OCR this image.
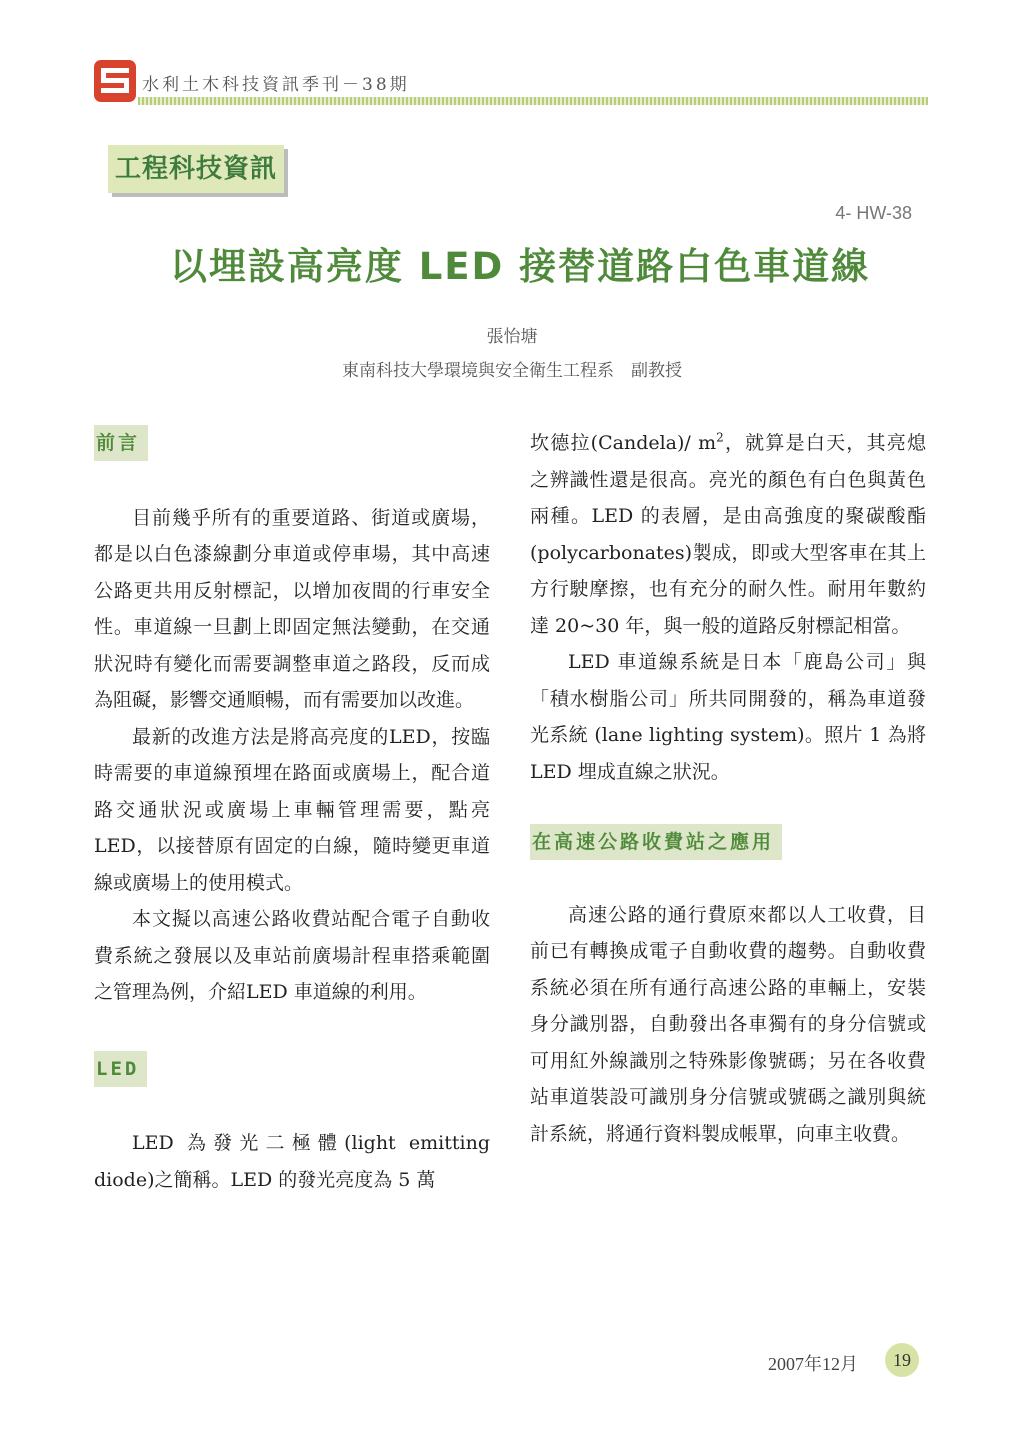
水利土木科技資訊季刊－38期
工程科技資訊
4- HW-38
以埋設高亮度 LED 接替道路白色車道線
張怡塘
東南科技大學環境與安全衛生工程系　副教授
前言

目前幾乎所有的重要道路、街道或廣場，都是以白色漆線劃分車道或停車場，其中高速公路更共用反射標記，以增加夜間的行車安全性。車道線一旦劃上即固定無法變動，在交通狀況時有變化而需要調整車道之路段，反而成為阻礙，影響交通順暢，而有需要加以改進。

最新的改進方法是將高亮度的LED，按臨時需要的車道線預埋在路面或廣場上，配合道路交通狀況或廣場上車輛管理需要，點亮LED，以接替原有固定的白線，隨時變更車道線或廣場上的使用模式。

本文擬以高速公路收費站配合電子自動收費系統之發展以及車站前廣場計程車搭乘範圍之管理為例，介紹LED 車道線的利用。

LED

LED 為發光二極體(light emitting diode)之簡稱。LED 的發光亮度為 5 萬

坎德拉(Candela)/ $m^2$，就算是白天，其亮熄之辨識性還是很高。亮光的顏色有白色與黃色兩種。LED 的表層，是由高強度的聚碳酸酯(polycarbonates)製成，即或大型客車在其上方行駛摩擦，也有充分的耐久性。耐用年數約達 20~30 年，與一般的道路反射標記相當。

LED 車道線系統是日本「鹿島公司」與「積水樹脂公司」所共同開發的，稱為車道發光系統 (lane lighting system)。照片 1 為將 LED 埋成直線之狀況。

在高速公路收費站之應用

高速公路的通行費原來都以人工收費，目前已有轉換成電子自動收費的趨勢。自動收費系統必須在所有通行高速公路的車輛上，安裝身分識別器，自動發出各車獨有的身分信號或可用紅外線識別之特殊影像號碼；另在各收費站車道裝設可識別身分信號或號碼之識別與統計系統，將通行資料製成帳單，向車主收費。

2007年12月	19
